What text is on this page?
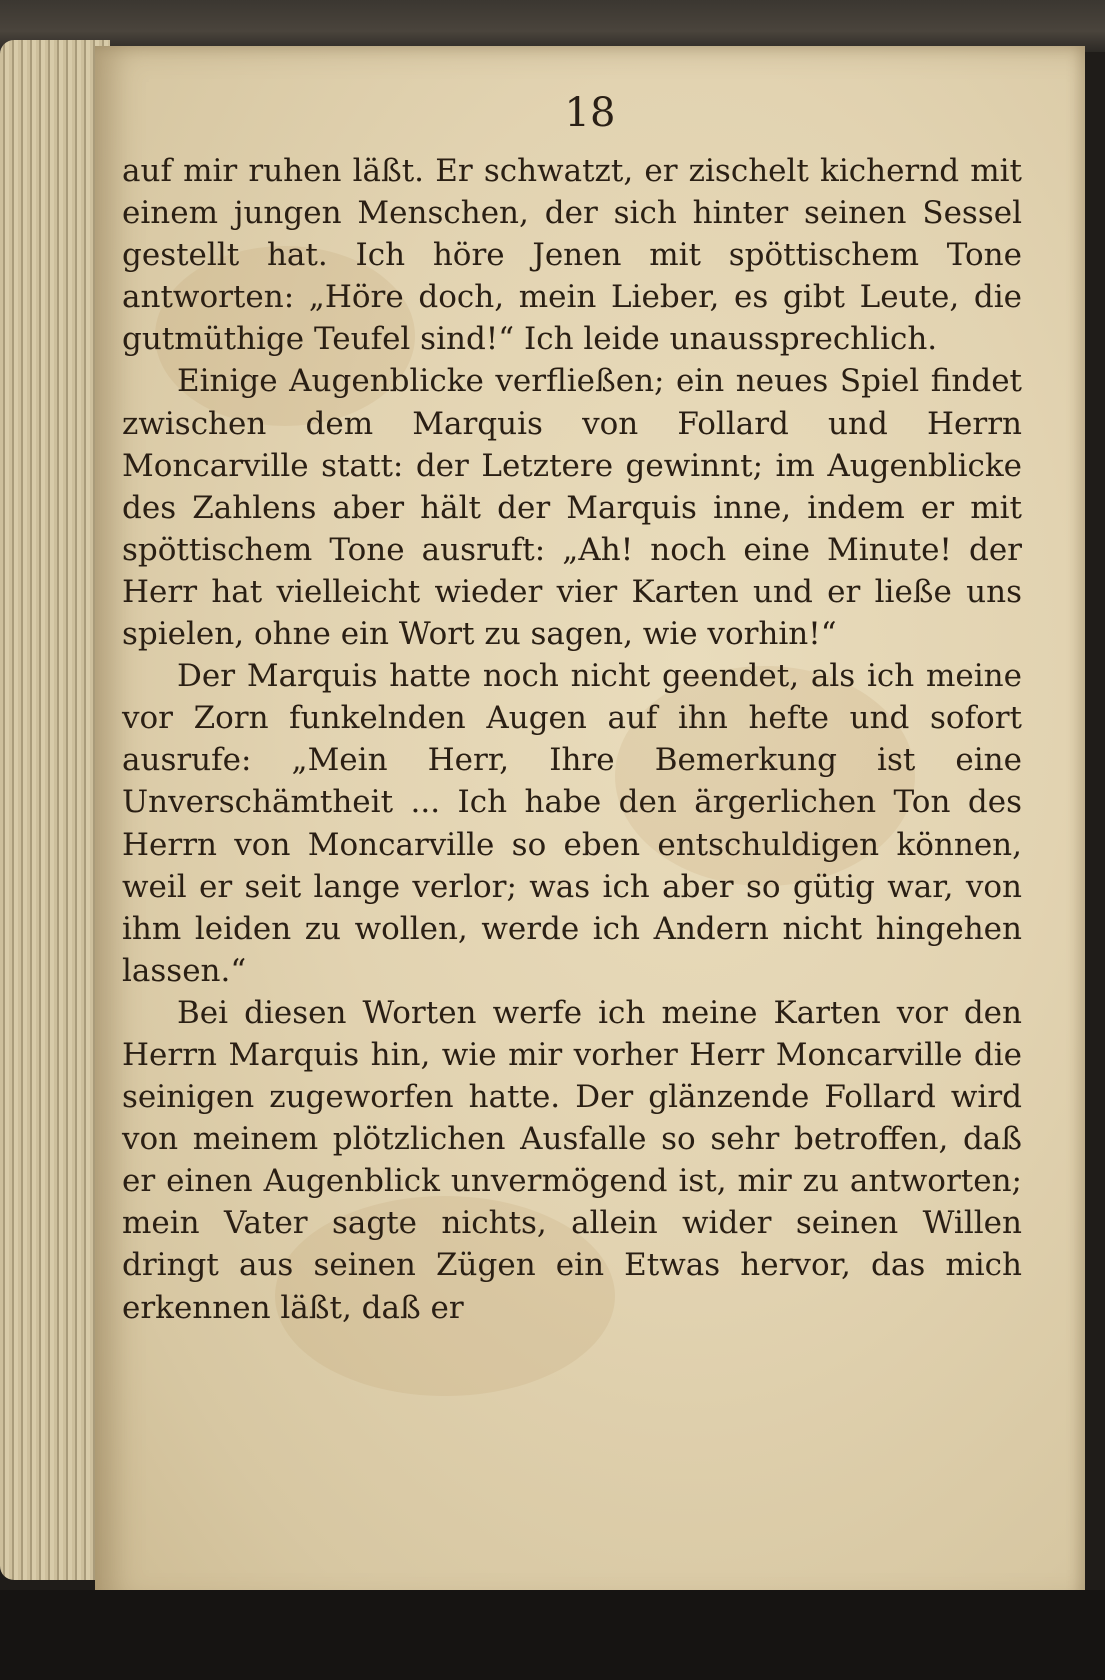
18

auf mir ruhen läßt. Er schwatzt, er zischelt kichernd mit einem jungen Menschen, der sich hinter seinen Sessel gestellt hat. Ich höre Jenen mit spöttischem Tone antworten: „Höre doch, mein Lieber, es gibt Leute, die gutmüthige Teufel sind!“ Ich leide unaussprechlich.

Einige Augenblicke verfließen; ein neues Spiel findet zwischen dem Marquis von Follard und Herrn Moncarville statt: der Letztere gewinnt; im Augenblicke des Zahlens aber hält der Marquis inne, indem er mit spöttischem Tone ausruft: „Ah! noch eine Minute! der Herr hat vielleicht wieder vier Karten und er ließe uns spielen, ohne ein Wort zu sagen, wie vorhin!“

Der Marquis hatte noch nicht geendet, als ich meine vor Zorn funkelnden Augen auf ihn hefte und sofort ausrufe: „Mein Herr, Ihre Bemerkung ist eine Unverschämtheit ... Ich habe den ärgerlichen Ton des Herrn von Moncarville so eben entschuldigen können, weil er seit lange verlor; was ich aber so gütig war, von ihm leiden zu wollen, werde ich Andern nicht hingehen lassen.“

Bei diesen Worten werfe ich meine Karten vor den Herrn Marquis hin, wie mir vorher Herr Moncarville die seinigen zugeworfen hatte. Der glänzende Follard wird von meinem plötzlichen Ausfalle so sehr betroffen, daß er einen Augenblick unvermögend ist, mir zu antworten; mein Vater sagte nichts, allein wider seinen Willen dringt aus seinen Zügen ein Etwas hervor, das mich erkennen läßt, daß er
